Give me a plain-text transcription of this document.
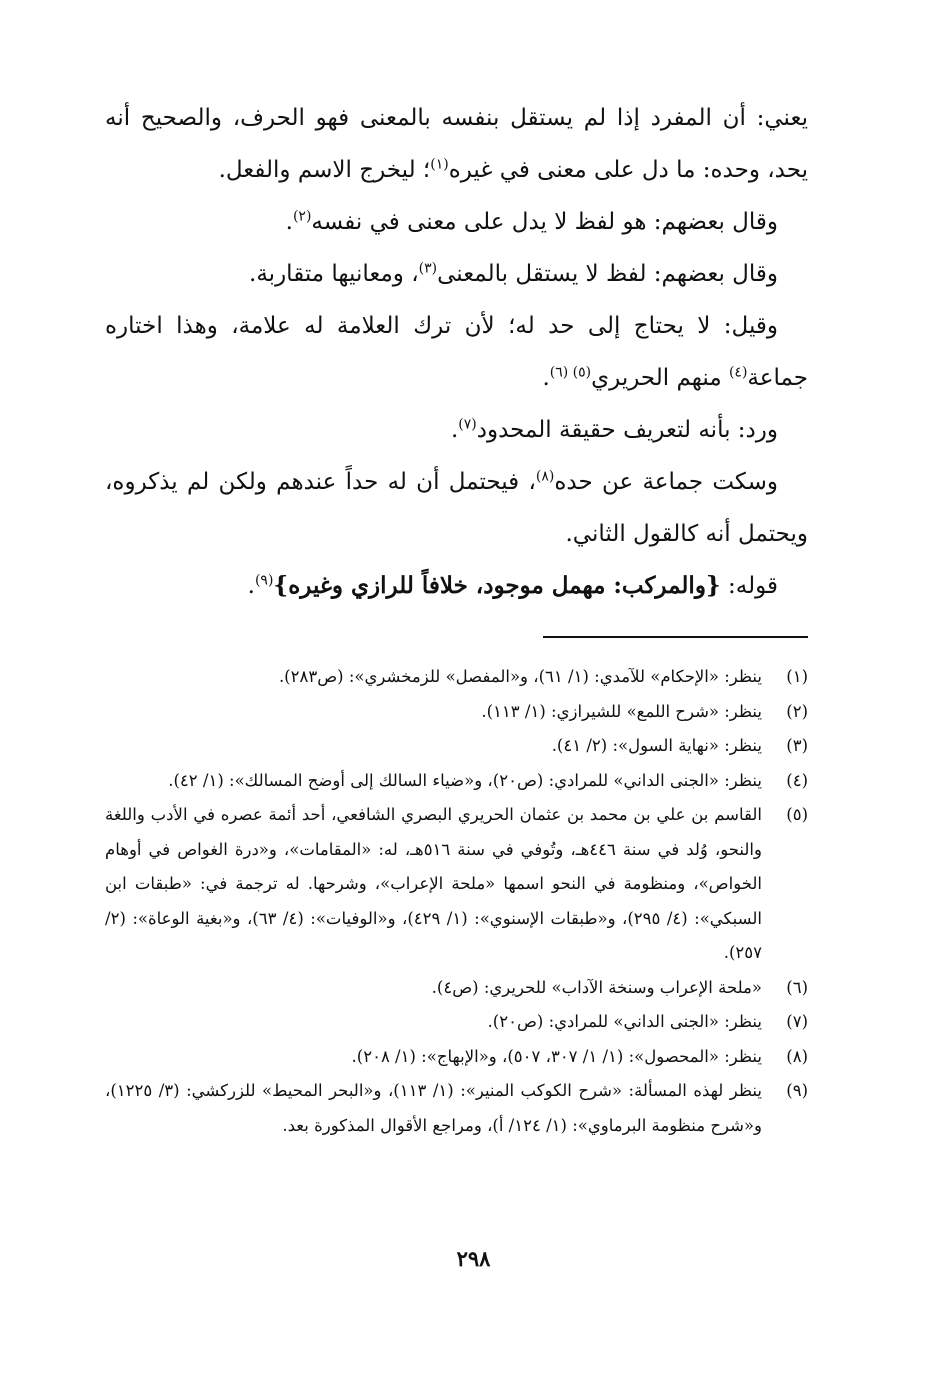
يعني: أن المفرد إذا لم يستقل بنفسه بالمعنى فهو الحرف، والصحيح أنه يحد، وحده: ما دل على معنى في غيره$^{(١)}$؛ ليخرج الاسم والفعل.

وقال بعضهم: هو لفظ لا يدل على معنى في نفسه$^{(٢)}$.

وقال بعضهم: لفظ لا يستقل بالمعنى$^{(٣)}$، ومعانيها متقاربة.

وقيل: لا يحتاج إلى حد له؛ لأن ترك العلامة له علامة، وهذا اختاره جماعة$^{(٤)}$ منهم الحريري$^{(٥) (٦)}$.

ورد: بأنه لتعريف حقيقة المحدود$^{(٧)}$.

وسكت جماعة عن حده$^{(٨)}$، فيحتمل أن له حداً عندهم ولكن لم يذكروه، ويحتمل أنه كالقول الثاني.

قوله: {والمركب: مهمل موجود، خلافاً للرازي وغيره}$^{(٩)}$.

(١)
ينظر: «الإحكام» للآمدي: (١/ ٦١)، و«المفصل» للزمخشري»: (ص٢٨٣).
(٢)
ينظر: «شرح اللمع» للشيرازي: (١/ ١١٣).
(٣)
ينظر: «نهاية السول»: (٢/ ٤١).
(٤)
ينظر: «الجنى الداني» للمرادي: (ص٢٠)، و«ضياء السالك إلى أوضح المسالك»: (١/ ٤٢).
(٥)
القاسم بن علي بن محمد بن عثمان الحريري البصري الشافعي، أحد أئمة عصره في الأدب واللغة والنحو، وُلد في سنة ٤٤٦هـ، وتُوفي في سنة ٥١٦هـ، له: «المقامات»، و«درة الغواص في أوهام الخواص»، ومنظومة في النحو اسمها «ملحة الإعراب»، وشرحها. له ترجمة في: «طبقات ابن السبكي»: (٤/ ٢٩٥)، و«طبقات الإسنوي»: (١/ ٤٢٩)، و«الوفيات»: (٤/ ٦٣)، و«بغية الوعاة»: (٢/ ٢٥٧).
(٦)
«ملحة الإعراب وسنخة الآداب» للحريري: (ص٤).
(٧)
ينظر: «الجنى الداني» للمرادي: (ص٢٠).
(٨)
ينظر: «المحصول»: (١/ ١/ ٣٠٧، ٥٠٧)، و«الإبهاج»: (١/ ٢٠٨).
(٩)
ينظر لهذه المسألة: «شرح الكوكب المنير»: (١/ ١١٣)، و«البحر المحيط» للزركشي: (٣/ ١٢٢٥)، و«شرح منظومة البرماوي»: (١/ ١٢٤/ أ)، ومراجع الأقوال المذكورة بعد.
٢٩٨
